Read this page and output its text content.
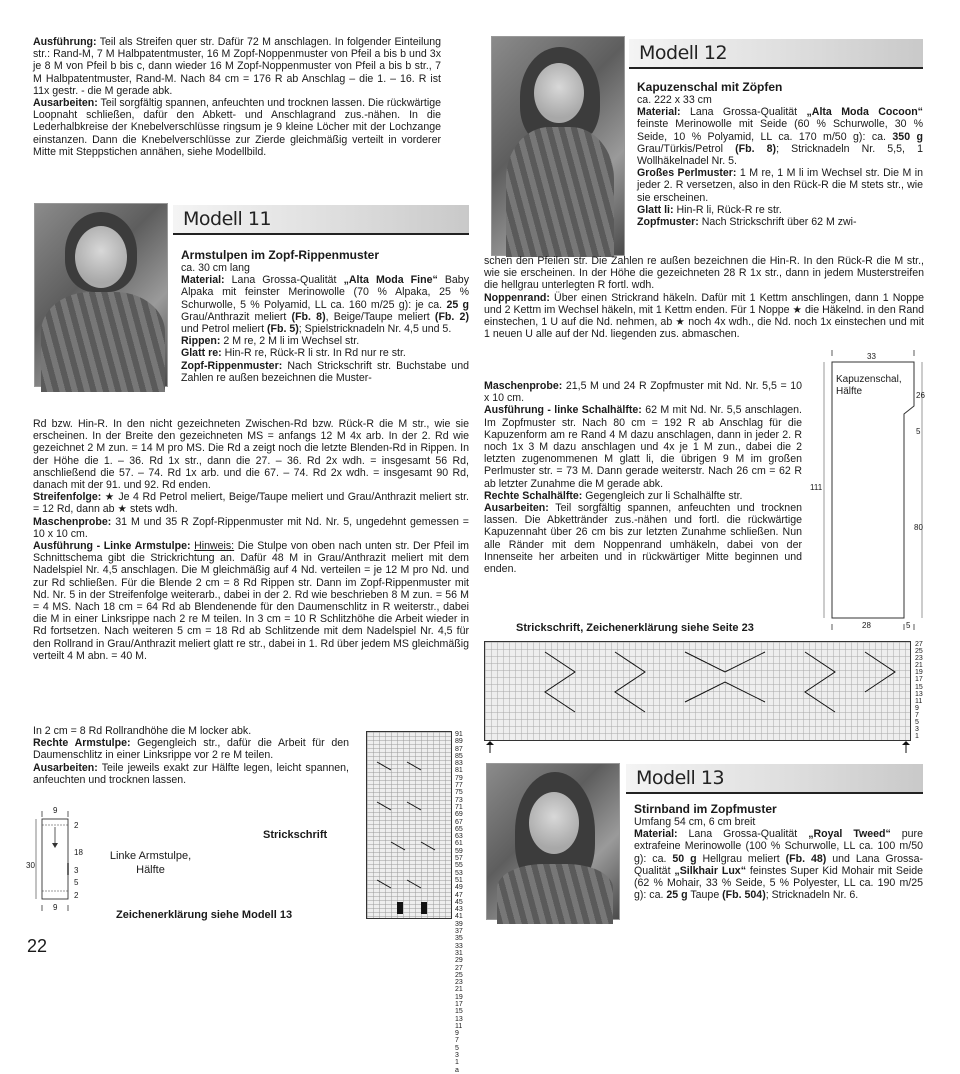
Ausführung: Teil als Streifen quer str. Dafür 72 M anschlagen. In folgender Einteilung str.: Rand-M, 7 M Halbpatentmuster, 16 M Zopf-Noppenmuster von Pfeil a bis b und 3x je 8 M von Pfeil b bis c, dann wieder 16 M Zopf-Noppenmuster von Pfeil a bis b str., 7 M Halbpatentmuster, Rand-M. Nach 84 cm = 176 R ab Anschlag – die 1. – 16. R ist 11x gestr. - die M gerade abk.

Ausarbeiten: Teil sorgfältig spannen, anfeuchten und trocknen lassen. Die rückwärtige Loopnaht schließen, dafür den Abkett- und Anschlagrand zus.-nähen. In die Lederhalbkreise der Knebelverschlüsse ringsum je 9 kleine Löcher mit der Lochzange einstanzen. Dann die Knebelverschlüsse zur Zierde gleichmäßig verteilt in vorderer Mitte mit Steppstichen annähen, siehe Modellbild.

Modell 11

Armstulpen im Zopf-Rippenmuster

ca. 30 cm lang

Material: Lana Grossa-Qualität „Alta Moda Fine“ Baby Alpaka mit feinster Merinowolle (70 % Alpaka, 25 % Schurwolle, 5 % Polyamid, LL ca. 160 m/25 g): je ca. 25 g Grau/Anthrazit meliert (Fb. 8), Beige/Taupe meliert (Fb. 2) und Petrol meliert (Fb. 5); Spielstricknadeln Nr. 4,5 und 5.

Rippen: 2 M re, 2 M li im Wechsel str.

Glatt re: Hin-R re, Rück-R li str. In Rd nur re str.

Zopf-Rippenmuster: Nach Strickschrift str. Buchstabe und Zahlen re außen bezeichnen die Muster-

Rd bzw. Hin-R. In den nicht gezeichneten Zwischen-Rd bzw. Rück-R die M str., wie sie erscheinen. In der Breite den gezeichneten MS = anfangs 12 M 4x arb. In der 2. Rd wie gezeichnet 2 M zun. = 14 M pro MS. Die Rd a zeigt noch die letzte Blenden-Rd in Rippen. In der Höhe die 1. – 36. Rd 1x str., dann die 27. – 36. Rd 2x wdh. = insgesamt 56 Rd, anschließend die 57. – 74. Rd 1x arb. und die 67. – 74. Rd 2x wdh. = insgesamt 90 Rd, danach mit der 91. und 92. Rd enden.

Streifenfolge: ★ Je 4 Rd Petrol meliert, Beige/Taupe meliert und Grau/Anthrazit meliert str. = 12 Rd, dann ab ★ stets wdh.

Maschenprobe: 31 M und 35 R Zopf-Rippenmuster mit Nd. Nr. 5, ungedehnt gemessen = 10 x 10 cm.

Ausführung - Linke Armstulpe: Hinweis: Die Stulpe von oben nach unten str. Der Pfeil im Schnittschema gibt die Strickrichtung an. Dafür 48 M in Grau/Anthrazit meliert mit dem Nadelspiel Nr. 4,5 anschlagen. Die M gleichmäßig auf 4 Nd. verteilen = je 12 M pro Nd. und zur Rd schließen. Für die Blende 2 cm = 8 Rd Rippen str. Dann im Zopf-Rippenmuster mit Nd. Nr. 5 in der Streifenfolge weiterarb., dabei in der 2. Rd wie beschrieben 8 M zun. = 56 M = 4 MS. Nach 18 cm = 64 Rd ab Blendenende für den Daumenschlitz in R weiterstr., dabei die M in einer Linksrippe nach 2 re M teilen. In 3 cm = 10 R Schlitzhöhe die Arbeit wieder in Rd fortsetzen. Nach weiteren 5 cm = 18 Rd ab Schlitzende mit dem Nadelspiel Nr. 4,5 für den Rollrand in Grau/Anthrazit meliert glatt re str., dabei in 1. Rd über jedem MS gleichmäßig verteilt 4 M abn. = 40 M.

In 2 cm = 8 Rd Rollrandhöhe die M locker abk.

Rechte Armstulpe: Gegengleich str., dafür die Arbeit für den Daumenschlitz in einer Linksrippe vor 2 re M teilen.

Ausarbeiten: Teile jeweils exakt zur Hälfte legen, leicht spannen, anfeuchten und trocknen lassen.

9
2
18
30
3
5
2
9
Linke Armstulpe, Hälfte
Strickschrift
Zeichenerklärung siehe Modell 13
91
89
87
85
83
81
79
77
75
73
71
69
67
65
63
61
59
57
55
53
51
49
47
45
43
41
39
37
35
33
31
29
27
25
23
21
19
17
15
13
11
9
7
5
3
1
a
Modell 12

Kapuzenschal mit Zöpfen

ca. 222 x 33 cm

Material: Lana Grossa-Qualität „Alta Moda Cocoon“ feinste Merinowolle mit Seide (60 % Schurwolle, 30 % Seide, 10 % Polyamid, LL ca. 170 m/50 g): ca. 350 g Grau/Türkis/Petrol (Fb. 8); Stricknadeln Nr. 5,5, 1 Wollhäkelnadel Nr. 5.

Großes Perlmuster: 1 M re, 1 M li im Wechsel str. Die M in jeder 2. R versetzen, also in den Rück-R die M stets str., wie sie erscheinen.

Glatt li: Hin-R li, Rück-R re str.

Zopfmuster: Nach Strickschrift über 62 M zwi-

schen den Pfeilen str. Die Zahlen re außen bezeichnen die Hin-R. In den Rück-R die M str., wie sie erscheinen. In der Höhe die gezeichneten 28 R 1x str., dann in jedem Musterstreifen die hellgrau unterlegten R fortl. wdh.

Noppenrand: Über einen Strickrand häkeln. Dafür mit 1 Kettm anschlingen, dann 1 Noppe und 2 Kettm im Wechsel häkeln, mit 1 Kettm enden. Für 1 Noppe ★ die Häkelnd. in den Rand einstechen, 1 U auf die Nd. nehmen, ab ★ noch 4x wdh., die Nd. noch 1x einstechen und mit 1 neuen U alle auf der Nd. liegenden zus. abmaschen.

Maschenprobe: 21,5 M und 24 R Zopfmuster mit Nd. Nr. 5,5 = 10 x 10 cm.

Ausführung - linke Schalhälfte: 62 M mit Nd. Nr. 5,5 anschlagen. Im Zopfmuster str. Nach 80 cm = 192 R ab Anschlag für die Kapuzenform am re Rand 4 M dazu anschlagen, dann in jeder 2. R noch 1x 3 M dazu anschlagen und 4x je 1 M zun., dabei die 2 letzten zugenommenen M glatt li, die übrigen 9 M im großen Perlmuster str. = 73 M. Dann gerade weiterstr. Nach 26 cm = 62 R ab letzter Zunahme die M gerade abk.

Rechte Schalhälfte: Gegengleich zur li Schalhälfte str.

Ausarbeiten: Teil sorgfältig spannen, anfeuchten und trocknen lassen. Die Abkettränder zus.-nähen und fortl. die rückwärtige Kapuzennaht über 26 cm bis zur letzten Zunahme schließen. Nun alle Ränder mit dem Noppenrand umhäkeln, dabei von der Innenseite her arbeiten und in rückwärtiger Mitte beginnen und enden.

Kapuzenschal, Hälfte
33
26
5
111
80
28	5
Strickschrift, Zeichenerklärung siehe Seite 23
27
25
23
21
19
17
15
13
11
9
7
5
3
1
Modell 13

Stirnband im Zopfmuster

Umfang 54 cm, 6 cm breit

Material: Lana Grossa-Qualität „Royal Tweed“ pure extrafeine Merinowolle (100 % Schurwolle, LL ca. 100 m/50 g): ca. 50 g Hellgrau meliert (Fb. 48) und Lana Grossa-Qualität „Silkhair Lux“ feinstes Super Kid Mohair mit Seide (62 % Mohair, 33 % Seide, 5 % Polyester, LL ca. 190 m/25 g): ca. 25 g Taupe (Fb. 504); Stricknadeln Nr. 6.

22
